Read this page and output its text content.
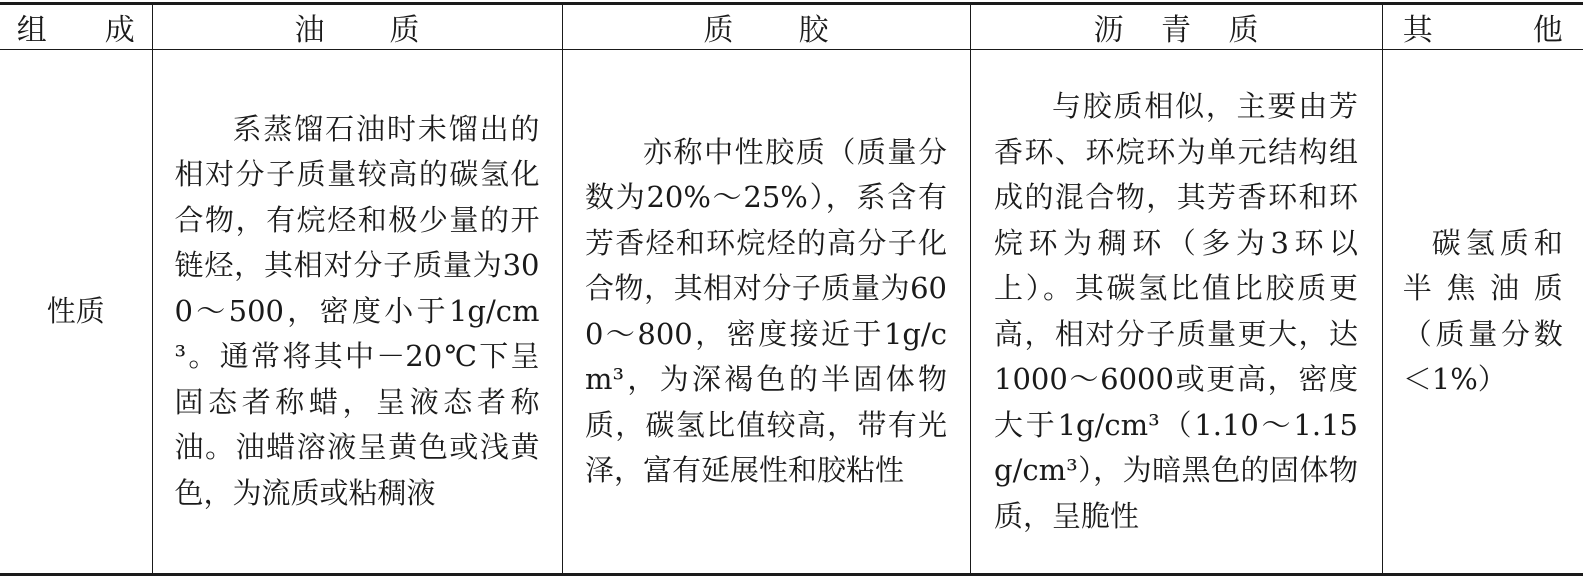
组　成	油　质	质　胶	沥　青　质	其　他

性质	系蒸馏石油时未馏出的相对分子质量较高的碳氢化合物，有烷烃和极少量的开链烃，其相对分子质量为300～500，密度小于1g/cm³。通常将其中－20℃下呈固态者称蜡，呈液态者称油。油蜡溶液呈黄色或浅黄色，为流质或粘稠液	亦称中性胶质（质量分数为20%～25%），系含有芳香烃和环烷烃的高分子化合物，其相对分子质量为600～800，密度接近于1g/cm³，为深褐色的半固体物质，碳氢比值较高，带有光泽，富有延展性和胶粘性	与胶质相似，主要由芳香环、环烷环为单元结构组成的混合物，其芳香环和环烷环为稠环（多为3环以上）。其碳氢比值比胶质更高，相对分子质量更大，达1000～6000或更高，密度大于1g/cm³（1.10～1.15g/cm³），为暗黑色的固体物质，呈脆性	碳氢质和半焦油质（质量分数＜1%）
